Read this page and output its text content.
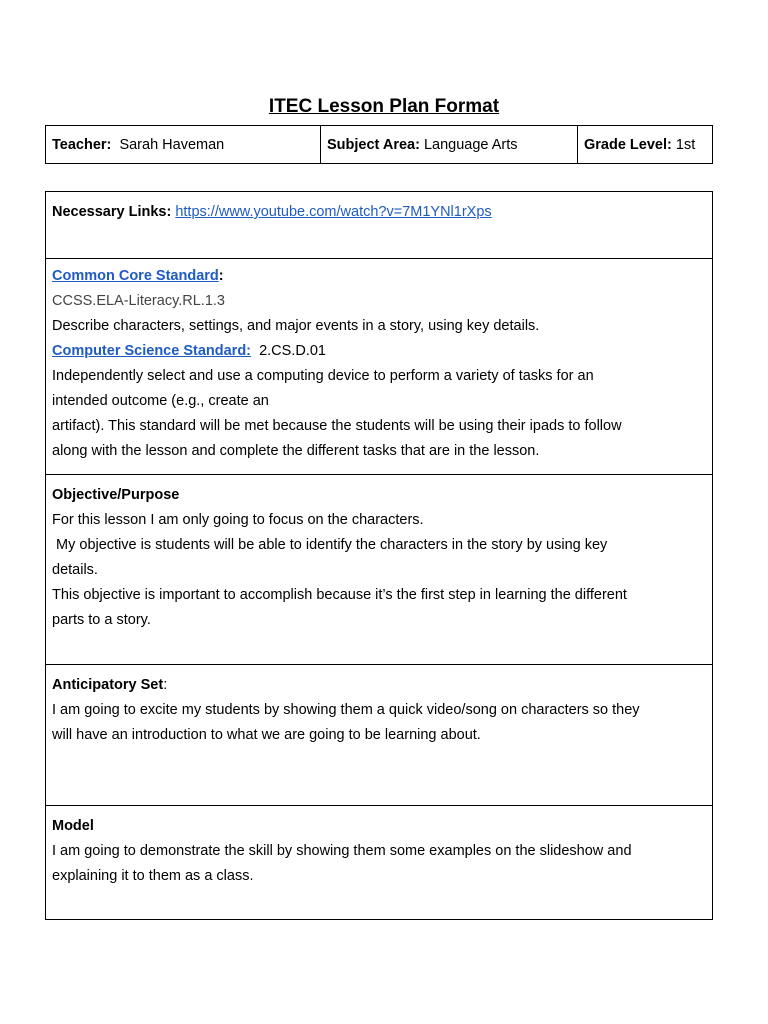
ITEC Lesson Plan Format
Teacher:
Sarah Haveman	Subject Area:
Language Arts	Grade Level:
1st
Necessary Links: https://www.youtube.com/watch?v=7M1YNl1rXps
Common Core Standard:
CCSS.ELA-Literacy.RL.1.3
Describe characters, settings, and major events in a story, using key details.
Computer Science Standard: 2.CS.D.01
Independently select and use a computing device to perform a variety of tasks for an
intended outcome (e.g., create an
artifact). This standard will be met because the students will be using their ipads to follow
along with the lesson and complete the different tasks that are in the lesson.
Objective/Purpose
For this lesson I am only going to focus on the characters.
My objective is students will be able to identify the characters in the story by using key
details.
This objective is important to accomplish because it’s the first step in learning the different
parts to a story.
Anticipatory Set:
I am going to excite my students by showing them a quick video/song on characters so they
will have an introduction to what we are going to be learning about.
Model
I am going to demonstrate the skill by showing them some examples on the slideshow and
explaining it to them as a class.
